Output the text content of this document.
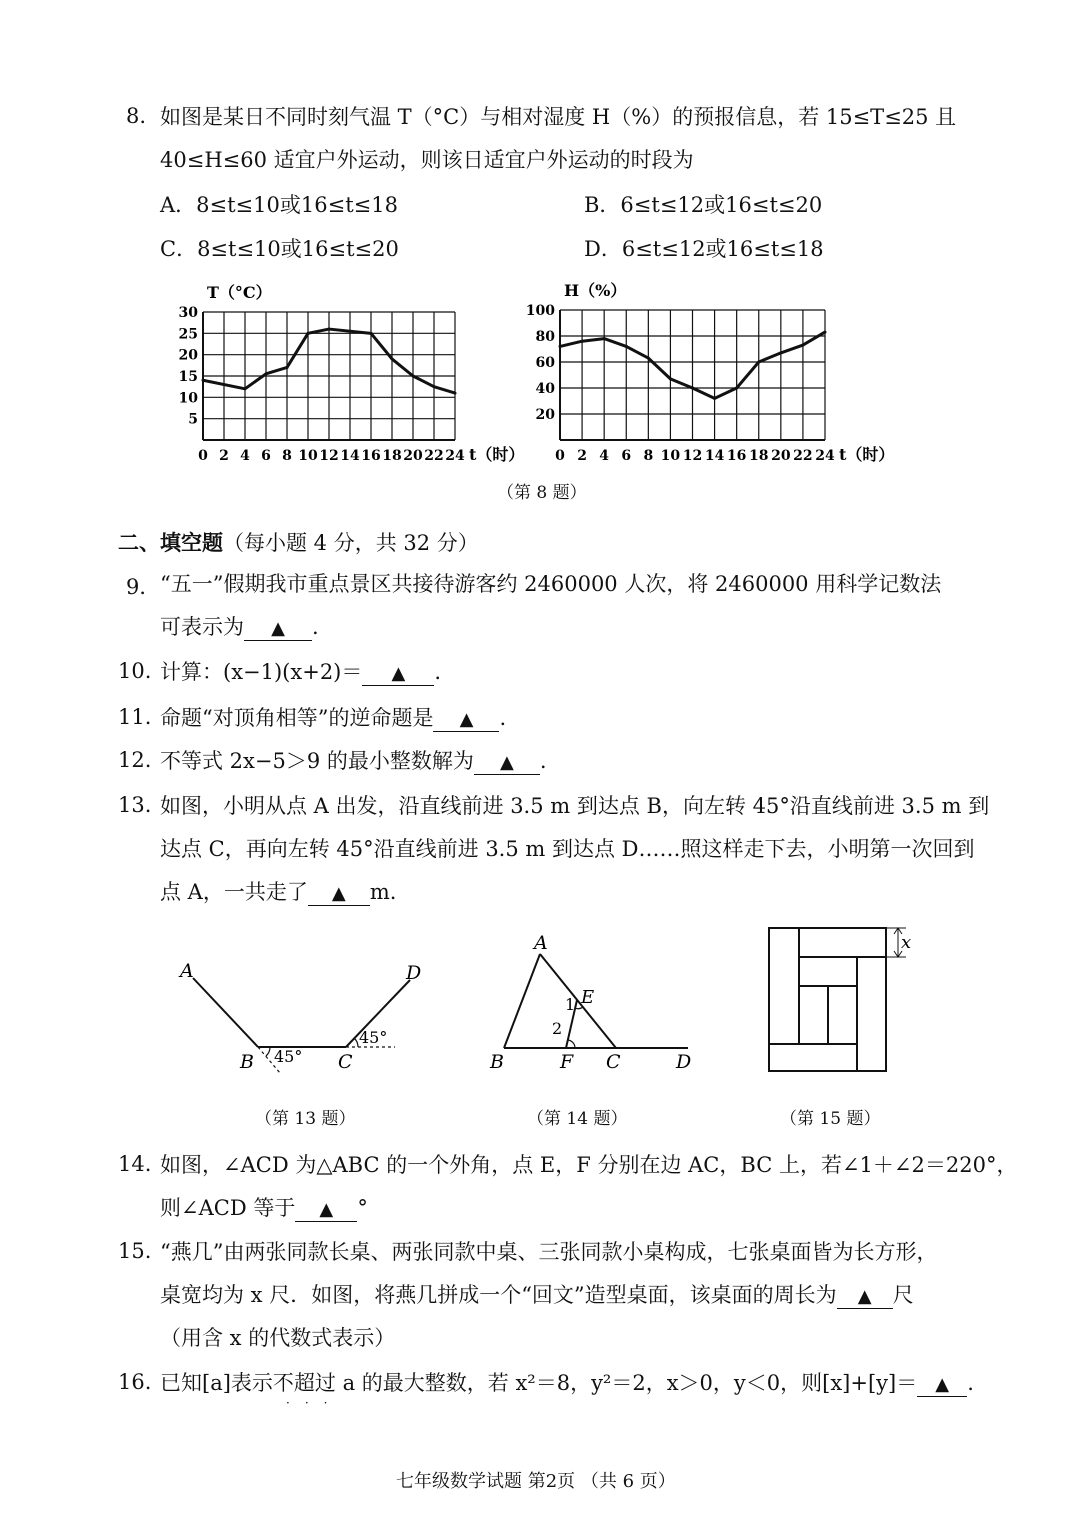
8. 如图是某日不同时刻气温 T（°C）与相对湿度 H（%）的预报信息，若 15≤T≤25 且
40≤H≤60 适宜户外运动，则该日适宜户外运动的时段为
A．8≤t≤10或16≤t≤18	B．6≤t≤12或16≤t≤20
C．8≤t≤10或16≤t≤20	D．6≤t≤12或16≤t≤18
T（°C）
t（时）
0 2 4 6 8 10 12 14 16 18 20 22 24
5
10
15
20
25
30
H（%）
t（时）
0 2 4 6 8 10 12 14 16 18 20 22 24
20
40
60
80
100
（第 8 题）
二、填空题（每小题 4 分，共 32 分）
9． “五一”假期我市重点景区共接待游客约 2460000 人次，将 2460000 用科学记数法
可表示为 ▲ .
10. 计算：(x−1)(x+2)＝ ▲ .
11. 命题“对顶角相等”的逆命题是 ▲ .
12. 不等式 2x−5＞9 的最小整数解为 ▲ .
13. 如图，小明从点 A 出发，沿直线前进 3.5 m 到达点 B，向左转 45°沿直线前进 3.5 m 到
达点 C，再向左转 45°沿直线前进 3.5 m 到达点 D……照这样走下去，小明第一次回到
点 A，一共走了 ▲ m.
A	D
B	C
45°
45°
（第 13 题）
A
B	F C	D
E
1
2
（第 14 题）
x
（第 15 题）
14. 如图，∠ACD 为△ABC 的一个外角，点 E，F 分别在边 AC，BC 上，若∠1＋∠2＝220°，
则∠ACD 等于 ▲ °
15. “燕几”由两张同款长桌、两张同款中桌、三张同款小桌构成，七张桌面皆为长方形，
桌宽均为 x 尺．如图，将燕几拼成一个“回文”造型桌面，该桌面的周长为 ▲ 尺
（用含 x 的代数式表示）
16. 已知[a]表示不超过 a 的最大整数，若 x²＝8，y²＝2，x＞0，y＜0，则[x]+[y]＝ ▲ .
···
七年级数学试题 第2页 （共 6 页）
